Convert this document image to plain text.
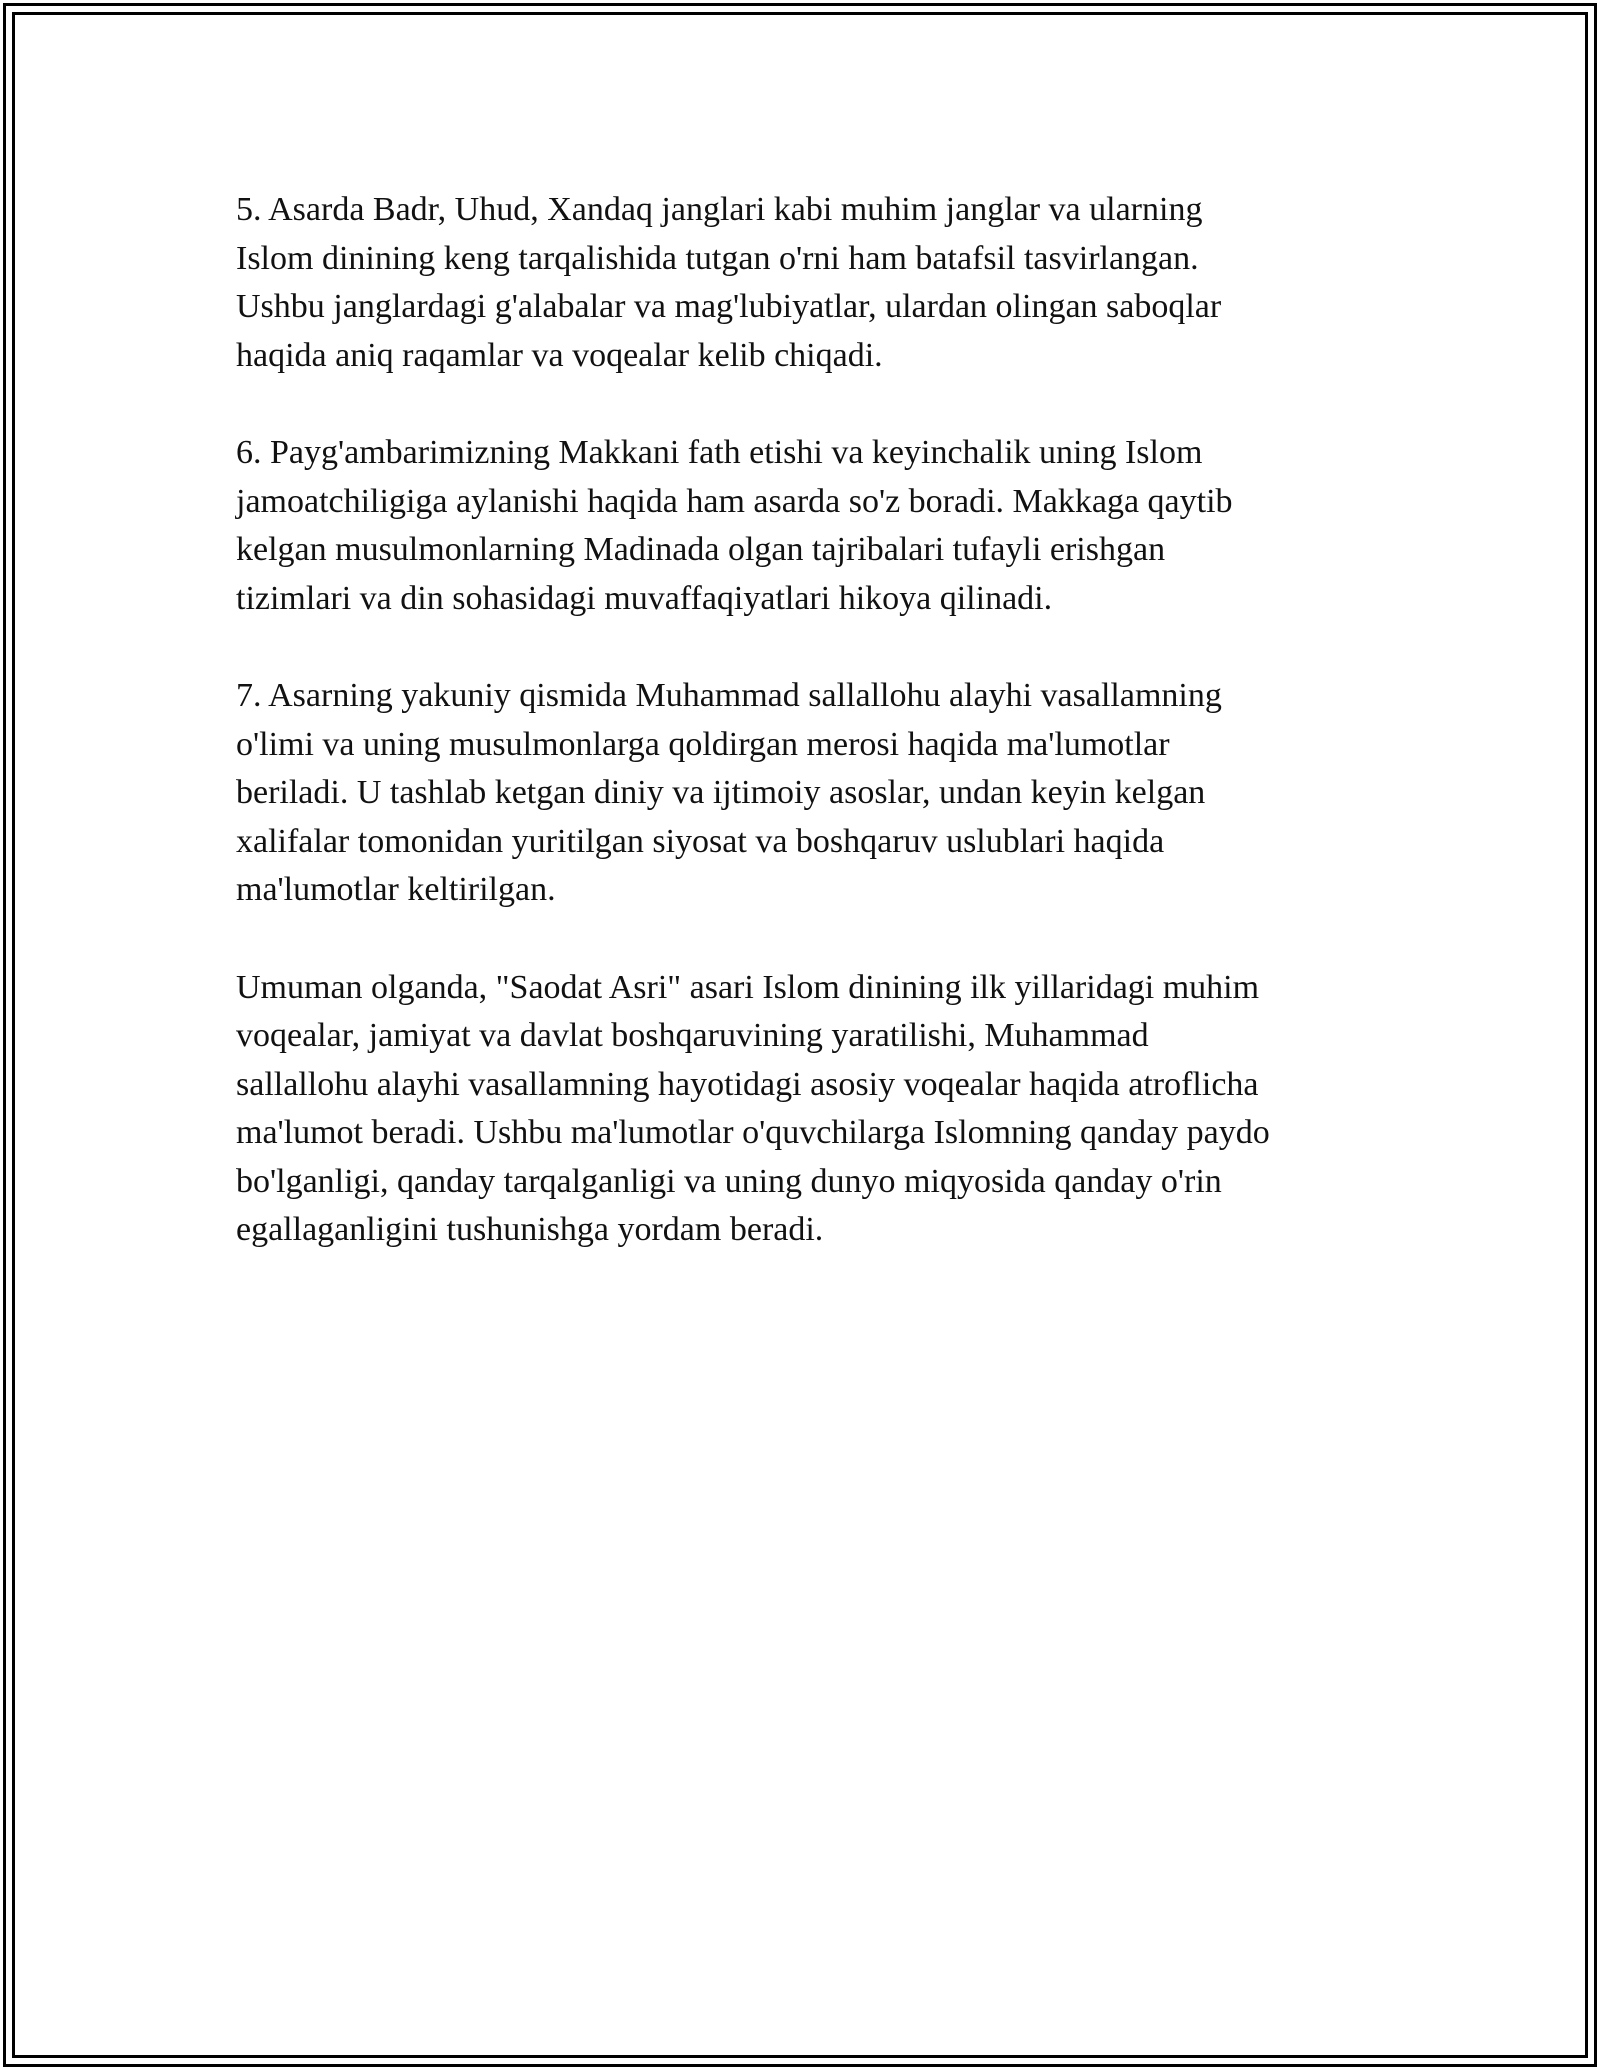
5. Asarda Badr, Uhud, Xandaq janglari kabi muhim janglar va ularning
Islom dinining keng tarqalishida tutgan o'rni ham batafsil tasvirlangan.
Ushbu janglardagi g'alabalar va mag'lubiyatlar, ulardan olingan saboqlar
haqida aniq raqamlar va voqealar kelib chiqadi.

6. Payg'ambarimizning Makkani fath etishi va keyinchalik uning Islom
jamoatchiligiga aylanishi haqida ham asarda so'z boradi. Makkaga qaytib
kelgan musulmonlarning Madinada olgan tajribalari tufayli erishgan
tizimlari va din sohasidagi muvaffaqiyatlari hikoya qilinadi.

7. Asarning yakuniy qismida Muhammad sallallohu alayhi vasallamning
o'limi va uning musulmonlarga qoldirgan merosi haqida ma'lumotlar
beriladi. U tashlab ketgan diniy va ijtimoiy asoslar, undan keyin kelgan
xalifalar tomonidan yuritilgan siyosat va boshqaruv uslublari haqida
ma'lumotlar keltirilgan.

Umuman olganda, "Saodat Asri" asari Islom dinining ilk yillaridagi muhim
voqealar, jamiyat va davlat boshqaruvining yaratilishi, Muhammad
sallallohu alayhi vasallamning hayotidagi asosiy voqealar haqida atroflicha
ma'lumot beradi. Ushbu ma'lumotlar o'quvchilarga Islomning qanday paydo
bo'lganligi, qanday tarqalganligi va uning dunyo miqyosida qanday o'rin
egallaganligini tushunishga yordam beradi.
